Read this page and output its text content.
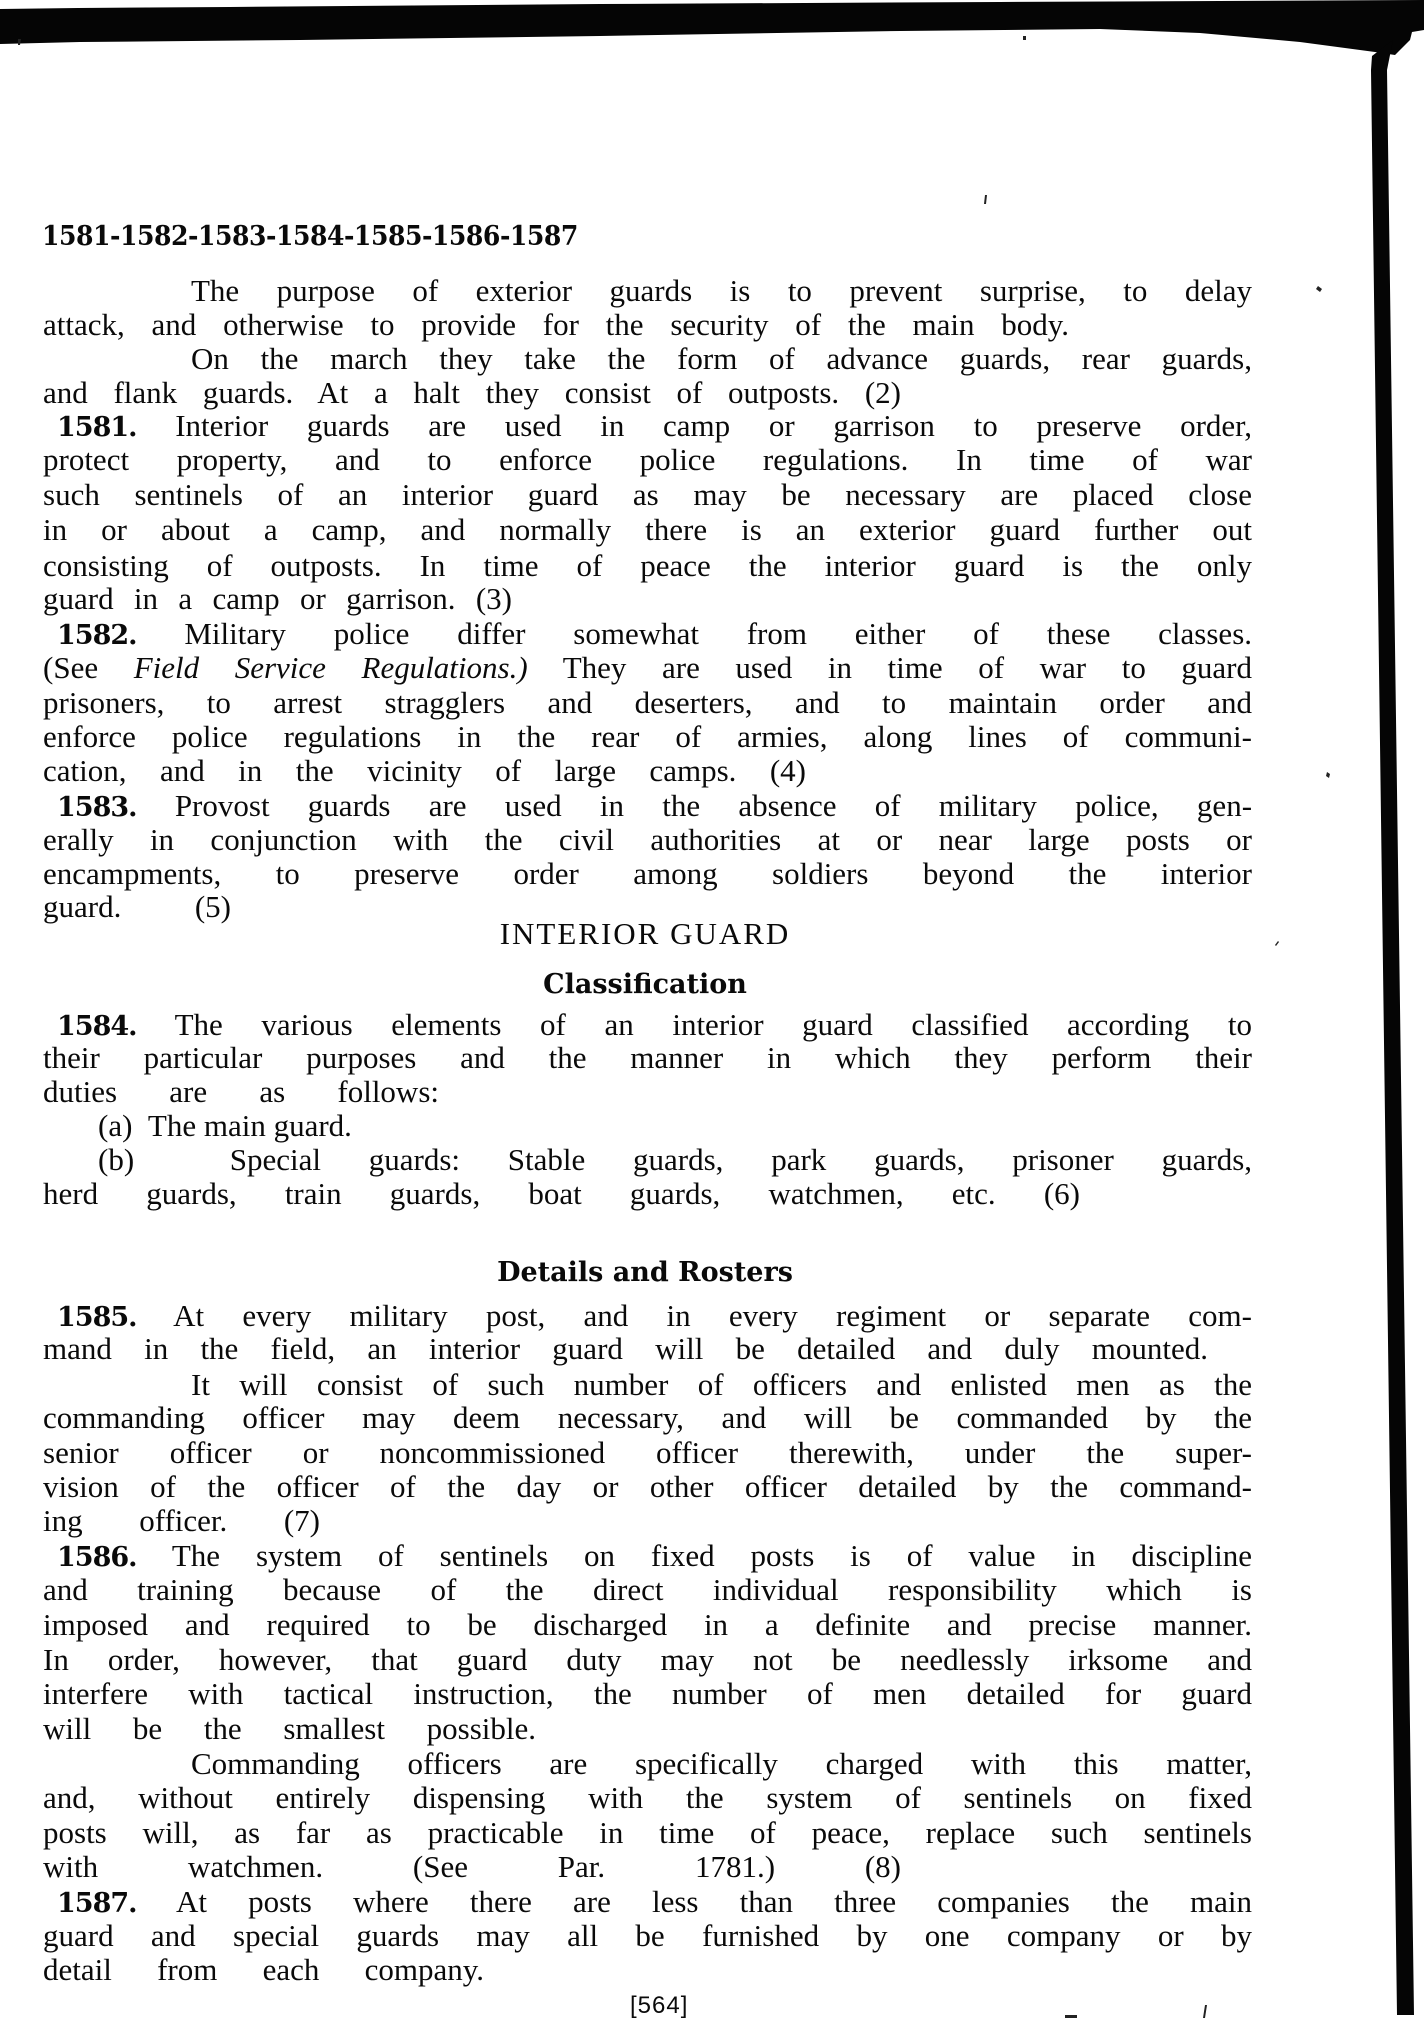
1581-1582-1583-1584-1585-1586-1587
The purpose of exterior guards is to prevent surprise, to delay
attack, and otherwise to provide for the security of the main body.
On the march they take the form of advance guards, rear guards,
and flank guards. At a halt they consist of outposts. (2)
1581. Interior guards are used in camp or garrison to preserve order,
protect property, and to enforce police regulations. In time of war
such sentinels of an interior guard as may be necessary are placed close
in or about a camp, and normally there is an exterior guard further out
consisting of outposts. In time of peace the interior guard is the only
guard in a camp or garrison. (3)
1582. Military police differ somewhat from either of these classes.
(See Field Service Regulations.) They are used in time of war to guard
prisoners, to arrest stragglers and deserters, and to maintain order and
enforce police regulations in the rear of armies, along lines of communi-
cation, and in the vicinity of large camps. (4)
1583. Provost guards are used in the absence of military police, gen-
erally in conjunction with the civil authorities at or near large posts or
encampments, to preserve order among soldiers beyond the interior
guard. (5)
INTERIOR GUARD
Classification
1584. The various elements of an interior guard classified according to
their particular purposes and the manner in which they perform their
duties are as follows:
(a) The main guard.
(b)	Special guards: Stable guards, park guards, prisoner guards,
herd guards, train guards, boat guards, watchmen, etc. (6)
Details and Rosters
1585. At every military post, and in every regiment or separate com-
mand in the field, an interior guard will be detailed and duly mounted.
It will consist of such number of officers and enlisted men as the
commanding officer may deem necessary, and will be commanded by the
senior officer or noncommissioned officer therewith, under the super-
vision of the officer of the day or other officer detailed by the command-
ing officer. (7)
1586. The system of sentinels on fixed posts is of value in discipline
and training because of the direct individual responsibility which is
imposed and required to be discharged in a definite and precise manner.
In order, however, that guard duty may not be needlessly irksome and
interfere with tactical instruction, the number of men detailed for guard
will be the smallest possible.
Commanding officers are specifically charged with this matter,
and, without entirely dispensing with the system of sentinels on fixed
posts will, as far as practicable in time of peace, replace such sentinels
with watchmen. (See Par. 1781.) (8)
1587. At posts where there are less than three companies the main
guard and special guards may all be furnished by one company or by
detail from each company.
[564]
